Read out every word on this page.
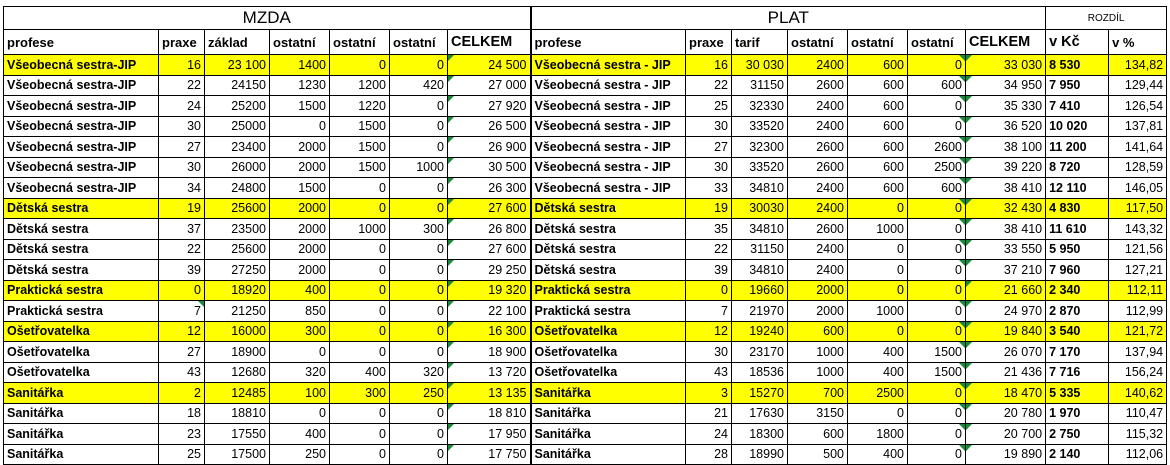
MZDA							PLAT							ROZDÍL	
profese	praxe	základ	ostatní	ostatní	ostatní	CELKEM	profese	praxe	tarif	ostatní	ostatní	ostatní	CELKEM	v Kč	v %
Všeobecná sestra-JIP	16	23 100	1400	0	0	24 500	Všeobecná sestra - JIP	16	30 030	2400	600	0	33 030	8 530	134,82
Všeobecná sestra-JIP	22	24150	1230	1200	420	27 000	Všeobecná sestra - JIP	22	31150	2600	600	600	34 950	7 950	129,44
Všeobecná sestra-JIP	24	25200	1500	1220	0	27 920	Všeobecná sestra - JIP	25	32330	2400	600	0	35 330	7 410	126,54
Všeobecná sestra-JIP	30	25000	0	1500	0	26 500	Všeobecná sestra - JIP	30	33520	2400	600	0	36 520	10 020	137,81
Všeobecná sestra-JIP	27	23400	2000	1500	0	26 900	Všeobecná sestra - JIP	27	32300	2600	600	2600	38 100	11 200	141,64
Všeobecná sestra-JIP	30	26000	2000	1500	1000	30 500	Všeobecná sestra - JIP	30	33520	2600	600	2500	39 220	8 720	128,59
Všeobecná sestra-JIP	34	24800	1500	0	0	26 300	Všeobecná sestra - JIP	33	34810	2400	600	600	38 410	12 110	146,05
Dětská sestra	19	25600	2000	0	0	27 600	Dětská sestra	19	30030	2400	0	0	32 430	4 830	117,50
Dětská sestra	37	23500	2000	1000	300	26 800	Dětská sestra	35	34810	2600	1000	0	38 410	11 610	143,32
Dětská sestra	22	25600	2000	0	0	27 600	Dětská sestra	22	31150	2400	0	0	33 550	5 950	121,56
Dětská sestra	39	27250	2000	0	0	29 250	Dětská sestra	39	34810	2400	0	0	37 210	7 960	127,21
Praktická sestra	0	18920	400	0	0	19 320	Praktická sestra	0	19660	2000	0	0	21 660	2 340	112,11
Praktická sestra	7	21250	850	0	0	22 100	Praktická sestra	7	21970	2000	1000	0	24 970	2 870	112,99
Ošetřovatelka	12	16000	300	0	0	16 300	Ošetřovatelka	12	19240	600	0	0	19 840	3 540	121,72
Ošetřovatelka	27	18900	0	0	0	18 900	Ošetřovatelka	30	23170	1000	400	1500	26 070	7 170	137,94
Ošetřovatelka	43	12680	320	400	320	13 720	Ošetřovatelka	43	18536	1000	400	1500	21 436	7 716	156,24
Sanitářka	2	12485	100	300	250	13 135	Sanitářka	3	15270	700	2500	0	18 470	5 335	140,62
Sanitářka	18	18810	0	0	0	18 810	Sanitářka	21	17630	3150	0	0	20 780	1 970	110,47
Sanitářka	23	17550	400	0	0	17 950	Sanitářka	24	18300	600	1800	0	20 700	2 750	115,32
Sanitářka	25	17500	250	0	0	17 750	Sanitářka	28	18990	500	400	0	19 890	2 140	112,06
